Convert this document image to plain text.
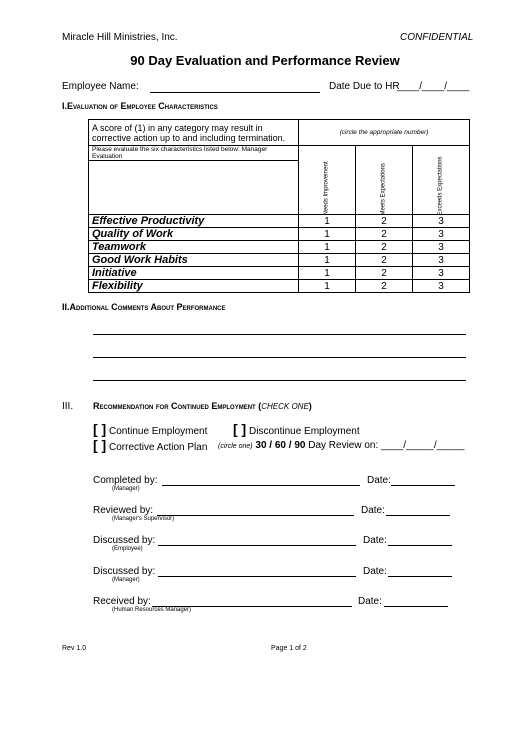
Miracle Hill Ministries, Inc.	CONFIDENTIAL
90 Day Evaluation and Performance Review
Employee Name:	Date Due to HR
____/____/____
I.Evaluation of Employee Characteristics
A score of (1) in any category may result in corrective action up to and including termination.	(circle the appropriate number)		
Please evaluate the six characteristics listed below: Manager Evaluation			
	Needs Improvement	Meets Expectations	Exceeds Expectations
Effective Productivity	1	2	3
Quality of Work	1	2	3
Teamwork	1	2	3
Good Work Habits	1	2	3
Initiative	1	2	3
Flexibility	1	2	3
II.Additional Comments About Performance
III. Recommendation for Continued Employment (CHECK ONE)
[ ] Continue Employment [ ] Discontinue Employment
[ ] Corrective Action Plan (circle one) 30 / 60 / 90 Day Review on: ____/_____/_____
Completed by:
(Manager)
Date:
Reviewed by:
(Manager's Supervisor)
Date:
Discussed by:
(Employee)
Date:
Discussed by:
(Manager)
Date:
Received by:
(Human Resources Manager)
Date:
Rev 1.0	Page 1 of 2
